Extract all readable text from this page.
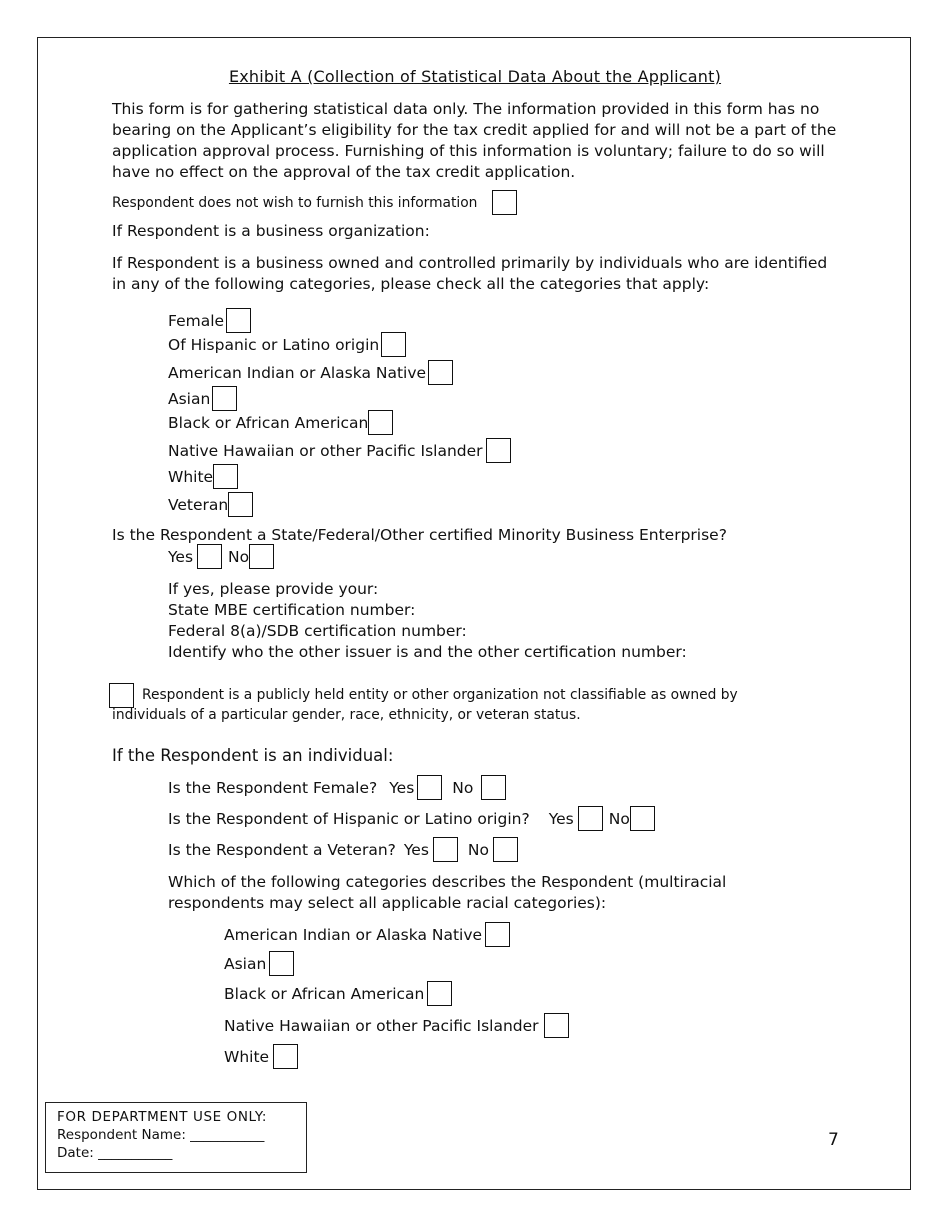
Exhibit A (Collection of Statistical Data About the Applicant)
This form is for gathering statistical data only. The information provided in this form has no bearing on the Applicant’s eligibility for the tax credit applied for and will not be a part of the application approval process. Furnishing of this information is voluntary; failure to do so will have no effect on the approval of the tax credit application.
Respondent does not wish to furnish this information
If Respondent is a business organization:
If Respondent is a business owned and controlled primarily by individuals who are identified in any of the following categories, please check all the categories that apply:
Female
Of Hispanic or Latino origin
American Indian or Alaska Native
Asian
Black or African American
Native Hawaiian or other Pacific Islander
White
Veteran
Is the Respondent a State/Federal/Other certified Minority Business Enterprise?
Yes No
If yes, please provide your:
State MBE certification number:
Federal 8(a)/SDB certification number:
Identify who the other issuer is and the other certification number:
Respondent is a publicly held entity or other organization not classifiable as owned by individuals of a particular gender, race, ethnicity, or veteran status.
If the Respondent is an individual:
Is the Respondent Female? Yes No
Is the Respondent of Hispanic or Latino origin? Yes No
Is the Respondent a Veteran? Yes	No
Which of the following categories describes the Respondent (multiracial respondents may select all applicable racial categories):
American Indian or Alaska Native
Asian
Black or African American
Native Hawaiian or other Pacific Islander
White
FOR DEPARTMENT USE ONLY:
Respondent Name: ___________
Date: ___________
7
